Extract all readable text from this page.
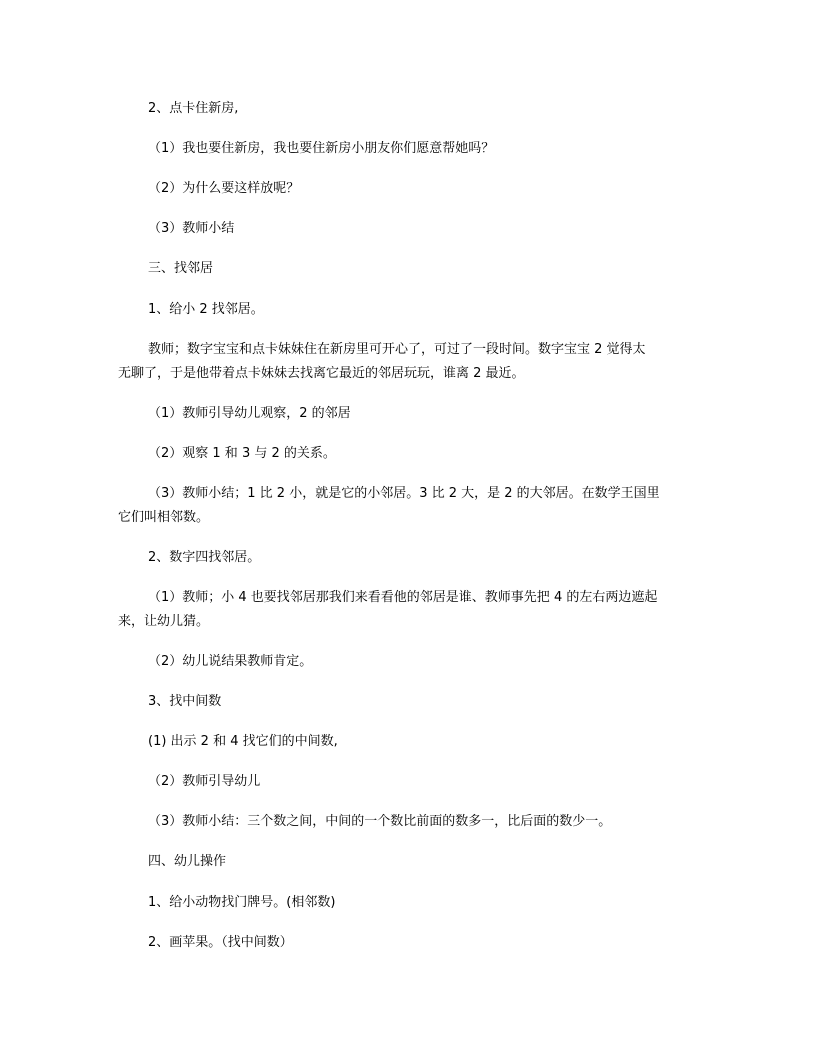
2、点卡住新房,

（1）我也要住新房，我也要住新房小朋友你们愿意帮她吗？

（2）为什么要这样放呢？

（3）教师小结

三、找邻居

1、给小 2 找邻居。

教师；数字宝宝和点卡妹妹住在新房里可开心了，可过了一段时间。数字宝宝 2 觉得太

无聊了，于是他带着点卡妹妹去找离它最近的邻居玩玩，谁离 2 最近。

（1）教师引导幼儿观察，2 的邻居

（2）观察 1 和 3 与 2 的关系。

（3）教师小结；1 比 2 小，就是它的小邻居。3 比 2 大，是 2 的大邻居。在数学王国里

它们叫相邻数。

2、数字四找邻居。

（1）教师；小 4 也要找邻居那我们来看看他的邻居是谁、教师事先把 4 的左右两边遮起

来，让幼儿猜。

（2）幼儿说结果教师肯定。

3、找中间数

(1) 出示 2 和 4 找它们的中间数,

（2）教师引导幼儿

（3）教师小结：三个数之间，中间的一个数比前面的数多一，比后面的数少一。

四、幼儿操作

1、给小动物找门牌号。(相邻数)

2、画苹果。（找中间数）
